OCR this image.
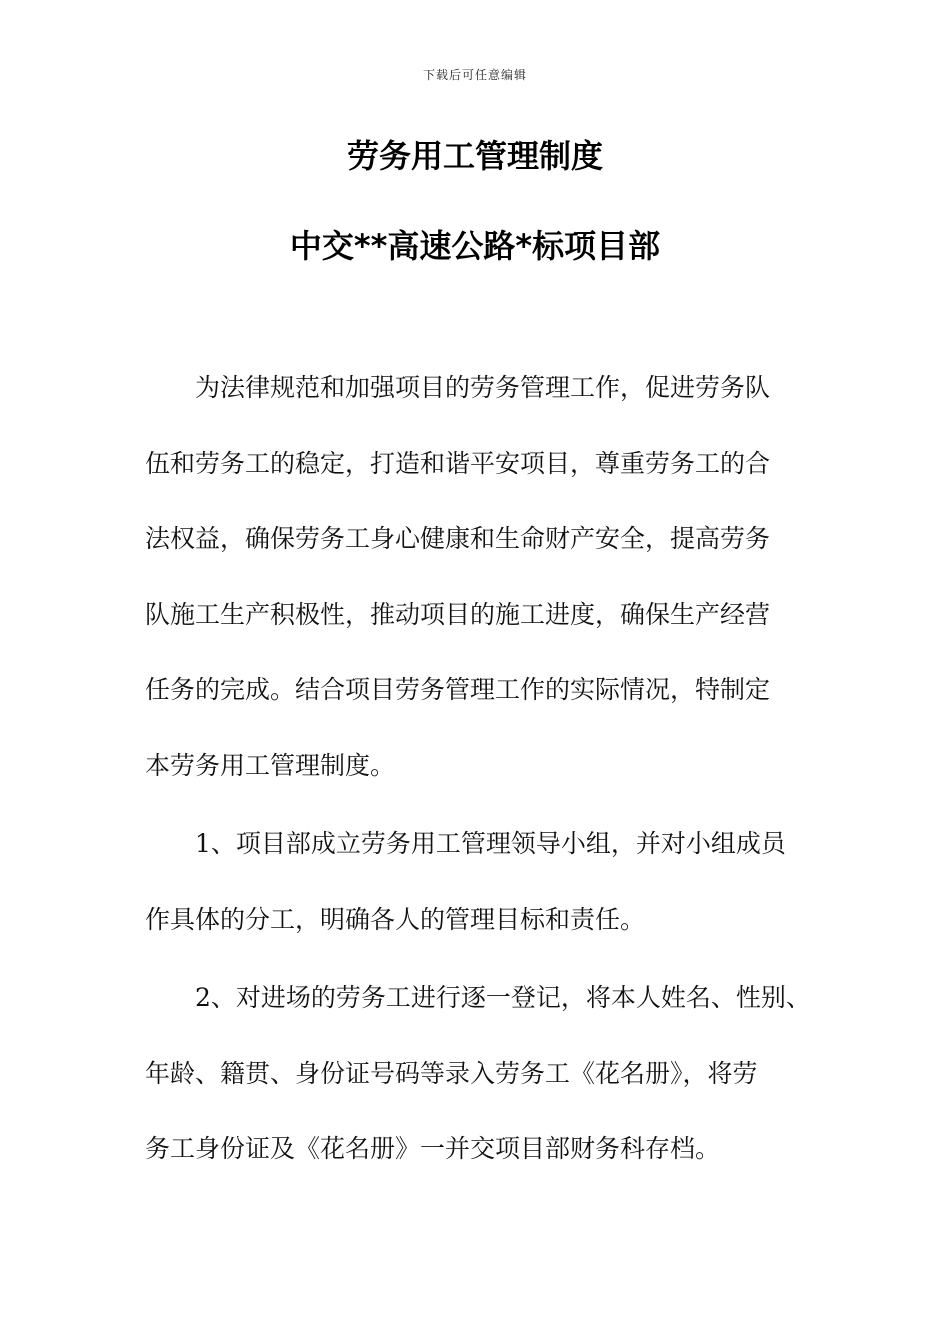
下载后可任意编辑
劳务用工管理制度
中交**高速公路*标项目部
为法律规范和加强项目的劳务管理工作，促进劳务队
伍和劳务工的稳定，打造和谐平安项目，尊重劳务工的合
法权益，确保劳务工身心健康和生命财产安全，提高劳务
队施工生产积极性，推动项目的施工进度，确保生产经营
任务的完成。结合项目劳务管理工作的实际情况，特制定
本劳务用工管理制度。
1、项目部成立劳务用工管理领导小组，并对小组成员
作具体的分工，明确各人的管理目标和责任。
2、对进场的劳务工进行逐一登记，将本人姓名、性别、
年龄、籍贯、身份证号码等录入劳务工《花名册》，将劳
务工身份证及《花名册》一并交项目部财务科存档。
